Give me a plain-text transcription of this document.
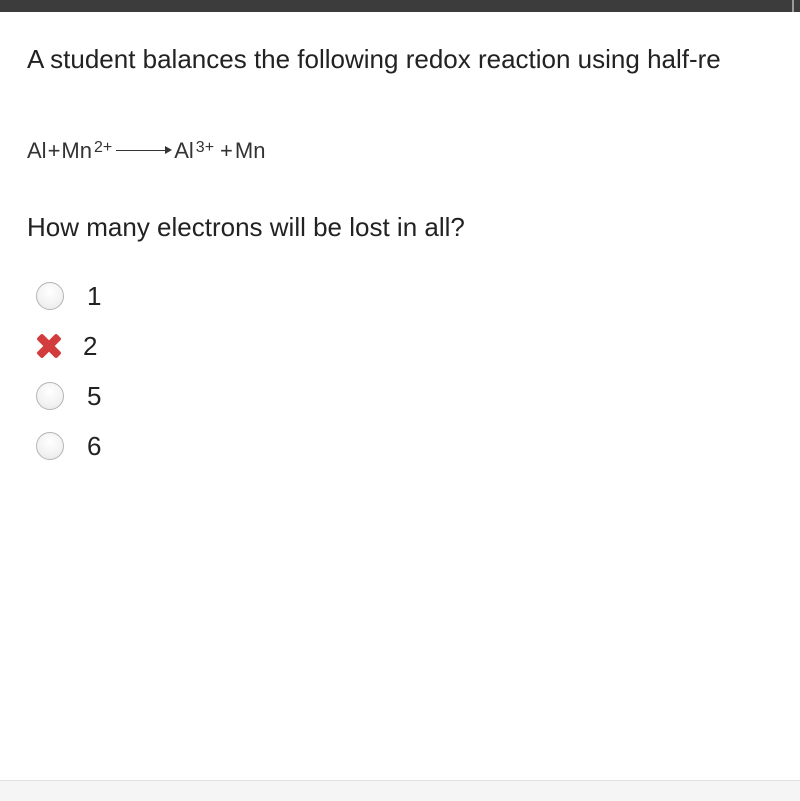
A student balances the following redox reaction using half-re
$Al + Mn^{2+}$	$Al^{3+} + Mn$
How many electrons will be lost in all?
1
2
5
6
